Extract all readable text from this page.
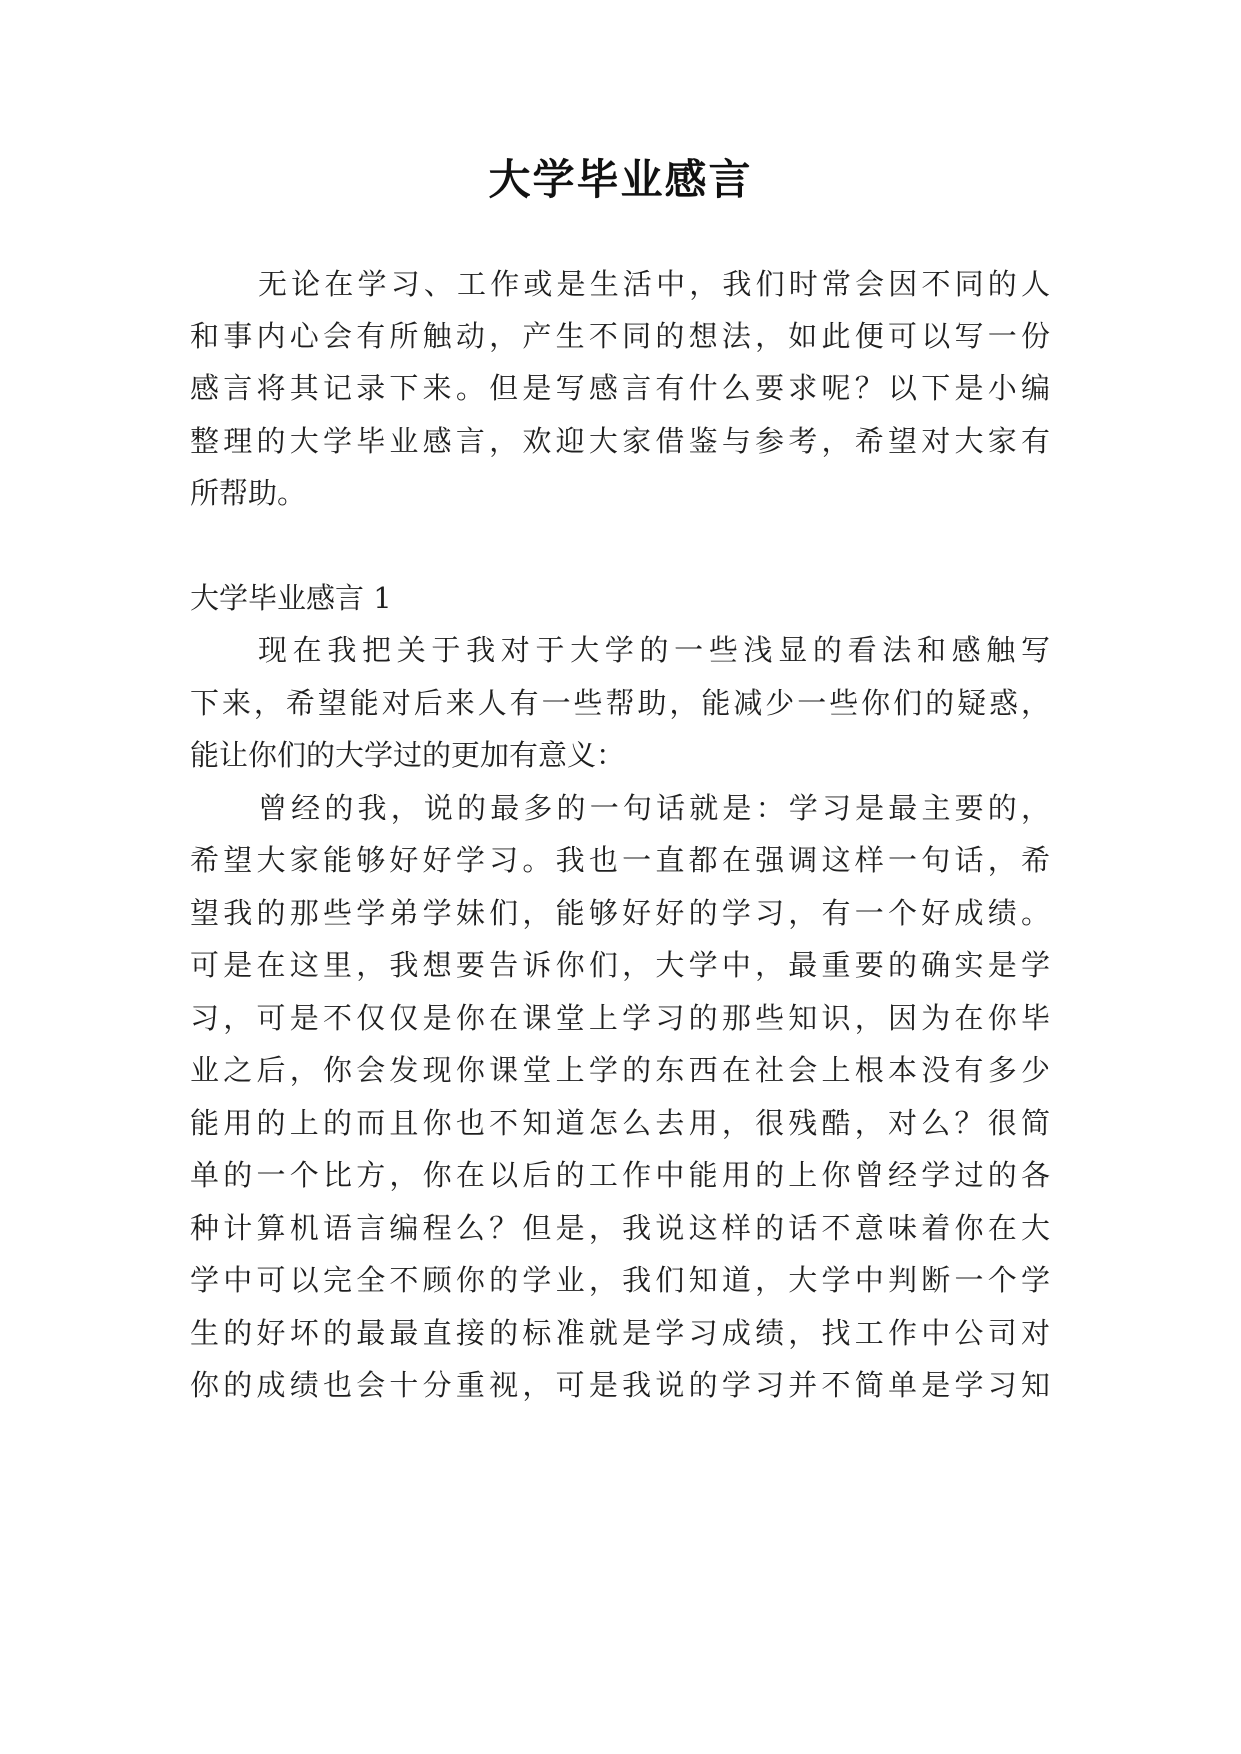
大学毕业感言
无论在学习、工作或是生活中，我们时常会因不同的人
和事内心会有所触动，产生不同的想法，如此便可以写一份
感言将其记录下来。但是写感言有什么要求呢？以下是小编
整理的大学毕业感言，欢迎大家借鉴与参考，希望对大家有
所帮助。
大学毕业感言 1
现在我把关于我对于大学的一些浅显的看法和感触写
下来，希望能对后来人有一些帮助，能减少一些你们的疑惑，
能让你们的大学过的更加有意义：
曾经的我，说的最多的一句话就是：学习是最主要的，
希望大家能够好好学习。我也一直都在强调这样一句话，希
望我的那些学弟学妹们，能够好好的学习，有一个好成绩。
可是在这里，我想要告诉你们，大学中，最重要的确实是学
习，可是不仅仅是你在课堂上学习的那些知识，因为在你毕
业之后，你会发现你课堂上学的东西在社会上根本没有多少
能用的上的而且你也不知道怎么去用，很残酷，对么？很简
单的一个比方，你在以后的工作中能用的上你曾经学过的各
种计算机语言编程么？但是，我说这样的话不意味着你在大
学中可以完全不顾你的学业，我们知道，大学中判断一个学
生的好坏的最最直接的标准就是学习成绩，找工作中公司对
你的成绩也会十分重视，可是我说的学习并不简单是学习知
